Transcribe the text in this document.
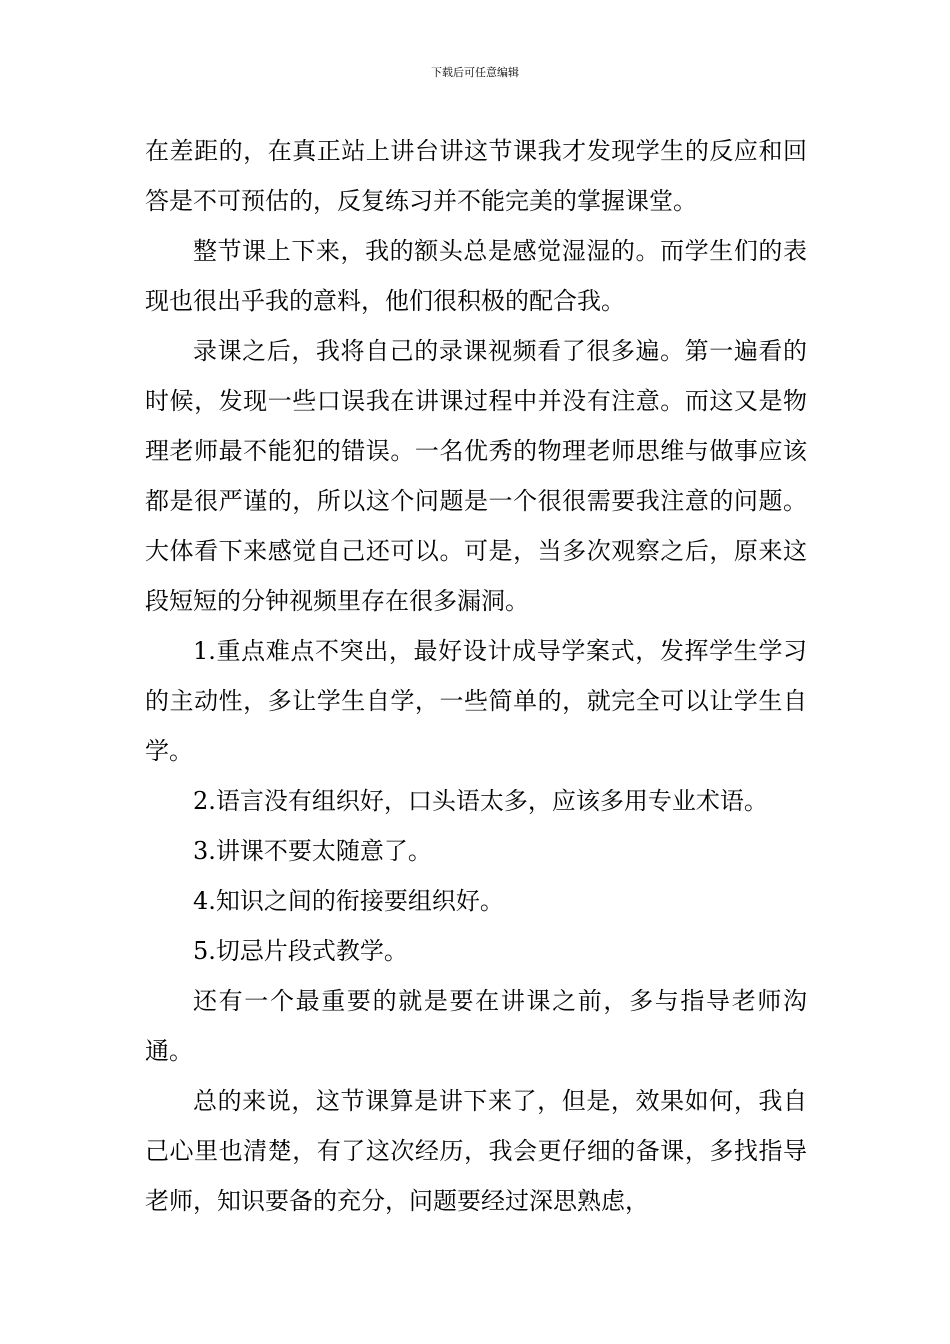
下载后可任意编辑

在差距的，在真正站上讲台讲这节课我才发现学生的反应和回答是不可预估的，反复练习并不能完美的掌握课堂。

整节课上下来，我的额头总是感觉湿湿的。而学生们的表现也很出乎我的意料，他们很积极的配合我。

录课之后，我将自己的录课视频看了很多遍。第一遍看的时候，发现一些口误我在讲课过程中并没有注意。而这又是物理老师最不能犯的错误。一名优秀的物理老师思维与做事应该都是很严谨的，所以这个问题是一个很很需要我注意的问题。大体看下来感觉自己还可以。可是，当多次观察之后，原来这段短短的分钟视频里存在很多漏洞。

1.重点难点不突出，最好设计成导学案式，发挥学生学习的主动性，多让学生自学，一些简单的，就完全可以让学生自学。

2.语言没有组织好，口头语太多，应该多用专业术语。

3.讲课不要太随意了。

4.知识之间的衔接要组织好。

5.切忌片段式教学。

还有一个最重要的就是要在讲课之前，多与指导老师沟通。

总的来说，这节课算是讲下来了，但是，效果如何，我自己心里也清楚，有了这次经历，我会更仔细的备课，多找指导老师，知识要备的充分，问题要经过深思熟虑，
